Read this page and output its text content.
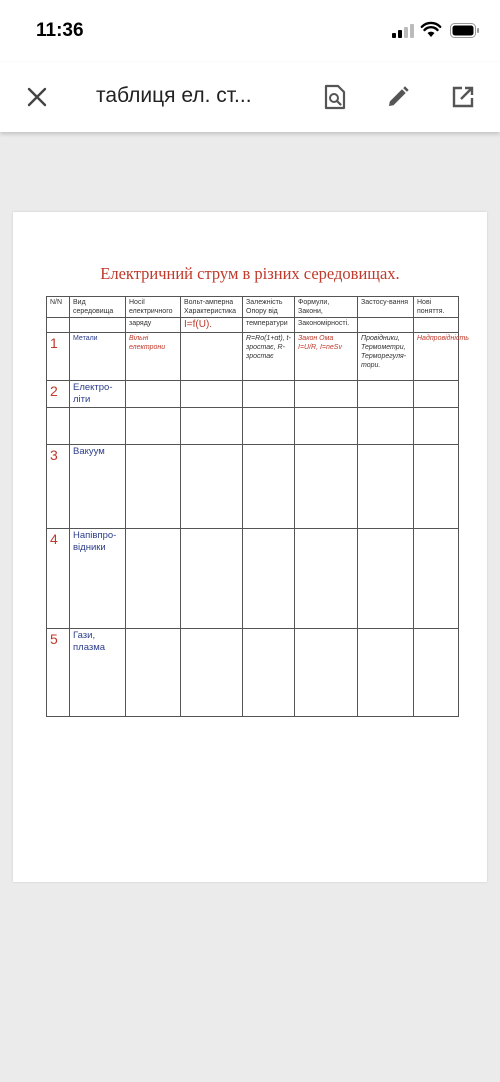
11:36
таблиця ел. ст...
Електричний струм в різних середовищах.
N/N	Вид середовища	Носії електричного	Вольт-амперна Характеристика	Залежність Опору від	Формули, Закони,	Застосу-вання	Нові поняття.
		заряду	I=f(U).	температури	Закономірності.		
1	Метали	Вільні електрони		R=Ro(1+αt), t-зростає, R-зростає	Закон Ома I=U/R, I=neSv	Провідники, Термометри, Терморегуля-тори.	Надпровідність
2	Електро-літи						

3	Вакуум						
4	Напівпро-відники						
5	Гази, плазма						
